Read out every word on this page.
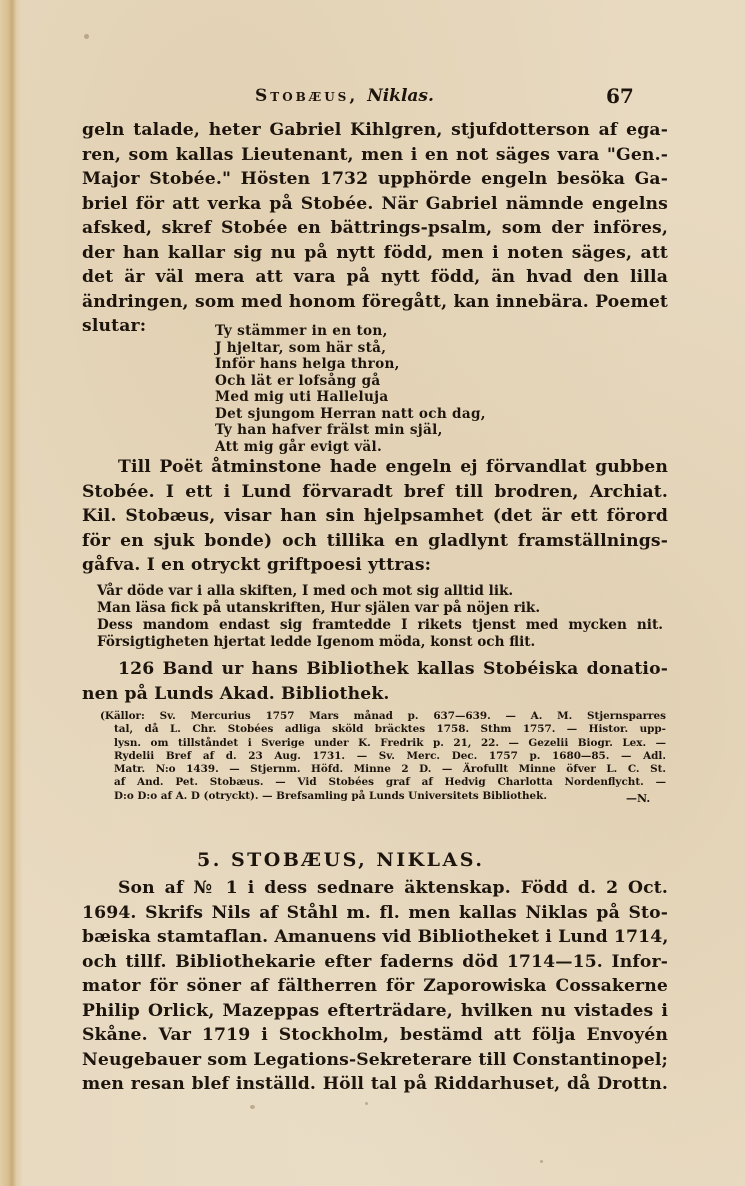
Stobæus, Niklas.	67
geln talade, heter Gabriel Kihlgren, stjufdotterson af ega-
ren, som kallas Lieutenant, men i en not säges vara "Gen.-
Major Stobée." Hösten 1732 upphörde engeln besöka Ga-
briel för att verka på Stobée. När Gabriel nämnde engelns
afsked, skref Stobée en bättrings-psalm, som der införes,
der han kallar sig nu på nytt född, men i noten säges, att
det är väl mera att vara på nytt född, än hvad den lilla
ändringen, som med honom föregått, kan innebära. Poemet
slutar:	Ty stämmer in en ton,
J hjeltar, som här stå,
Inför hans helga thron,
Och lät er lofsång gå
Med mig uti Halleluja
Det sjungom Herran natt och dag,
Ty han hafver frälst min själ,
Att mig går evigt väl.
Till Poët åtminstone hade engeln ej förvandlat gubben
Stobée. I ett i Lund förvaradt bref till brodren, Archiat.
Kil. Stobæus, visar han sin hjelpsamhet (det är ett förord
för en sjuk bonde) och tillika en gladlynt framställnings-
gåfva. I en otryckt griftpoesi yttras:
Vår döde var i alla skiften, I med och mot sig alltid lik.
Man läsa fick på utanskriften, Hur själen var på nöjen rik.
Dess mandom endast sig framtedde I rikets tjenst med mycken nit.
Försigtigheten hjertat ledde Igenom möda, konst och flit.
126 Band ur hans Bibliothek kallas Stobéiska donatio-
nen på Lunds Akad. Bibliothek.
(Källor: Sv. Mercurius 1757 Mars månad p. 637—639. — A. M. Stjernsparres
tal, då L. Chr. Stobées adliga sköld bräcktes 1758. Sthm 1757. — Histor. upp-
lysn. om tillståndet i Sverige under K. Fredrik p. 21, 22. — Gezelii Biogr. Lex. —
Rydelii Bref af d. 23 Aug. 1731. — Sv. Merc. Dec. 1757 p. 1680—85. — Adl.
Matr. N:o 1439. — Stjernm. Höfd. Minne 2 D. — Ärofullt Minne öfver L. C. St.
af And. Pet. Stobæus. — Vid Stobées graf af Hedvig Charlotta Nordenflycht. —
D:o D:o af A. D (otryckt). — Brefsamling på Lunds Universitets Bibliothek.	—N.
5. STOBÆUS, NIKLAS.
Son af № 1 i dess sednare äktenskap. Född d. 2 Oct.
1694. Skrifs Nils af Ståhl m. fl. men kallas Niklas på Sto-
bæiska stamtaflan. Amanuens vid Bibliotheket i Lund 1714,
och tillf. Bibliothekarie efter faderns död 1714—15. Infor-
mator för söner af fältherren för Zaporowiska Cossakerne
Philip Orlick, Mazeppas efterträdare, hvilken nu vistades i
Skåne. Var 1719 i Stockholm, bestämd att följa Envoyén
Neugebauer som Legations-Sekreterare till Constantinopel;
men resan blef inställd. Höll tal på Riddarhuset, då Drottn.
